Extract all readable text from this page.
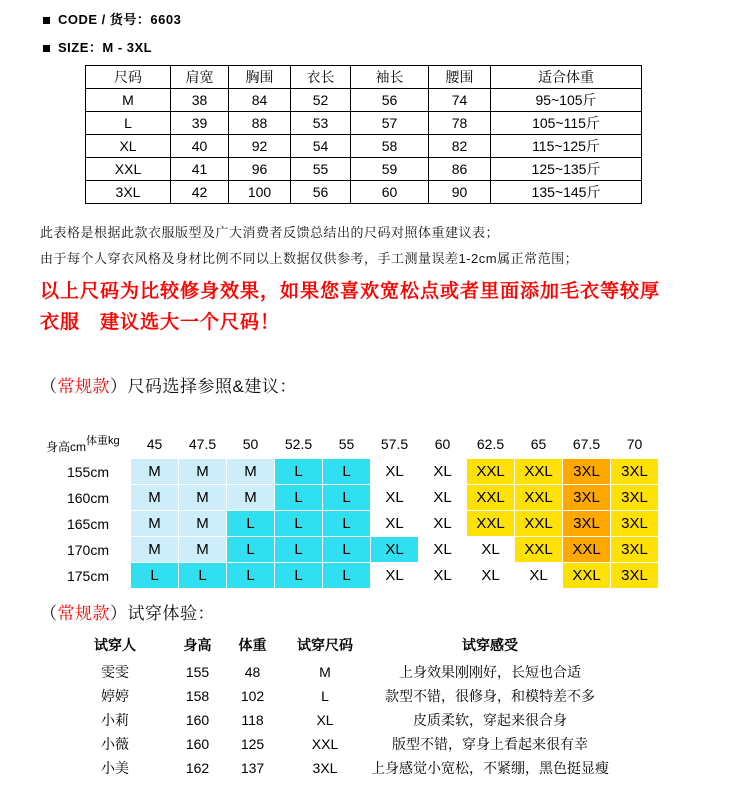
CODE / 货号：6603
SIZE：M - 3XL
尺码	肩宽	胸围	衣长	袖长	腰围	适合体重
M	38	84	52	56	74	95~105斤
L	39	88	53	57	78	105~115斤
XL	40	92	54	58	82	115~125斤
XXL	41	96	55	59	86	125~135斤
3XL	42	100	56	60	90	135~145斤

此表格是根据此款衣服版型及广大消费者反馈总结出的尺码对照体重建议表；

由于每个人穿衣风格及身材比例不同以上数据仅供参考，手工测量误差1-2cm属正常范围；

以上尺码为比较修身效果，如果您喜欢宽松点或者里面添加毛衣等较厚

衣服　建议选大一个尺码！

（常规款）尺码选择参照&建议：
身高cm体重kg	45	47.5	50	52.5	55	57.5	60	62.5	65	67.5	70
155cm	M	M	M	L	L	XL	XL	XXL	XXL	3XL	3XL
160cm	M	M	M	L	L	XL	XL	XXL	XXL	3XL	3XL
165cm	M	M	L	L	L	XL	XL	XXL	XXL	3XL	3XL
170cm	M	M	L	L	L	XL	XL	XL	XXL	XXL	3XL
175cm	L	L	L	L	L	XL	XL	XL	XL	XXL	3XL
（常规款）试穿体验：
试穿人	身高	体重	试穿尺码	试穿感受
雯雯	155	48	M	上身效果刚刚好，长短也合适
婷婷	158	102	L	款型不错，很修身，和模特差不多
小莉	160	118	XL	皮质柔软，穿起来很合身
小薇	160	125	XXL	版型不错，穿身上看起来很有幸
小美	162	137	3XL	上身感觉小宽松，不紧绷，黑色挺显瘦
